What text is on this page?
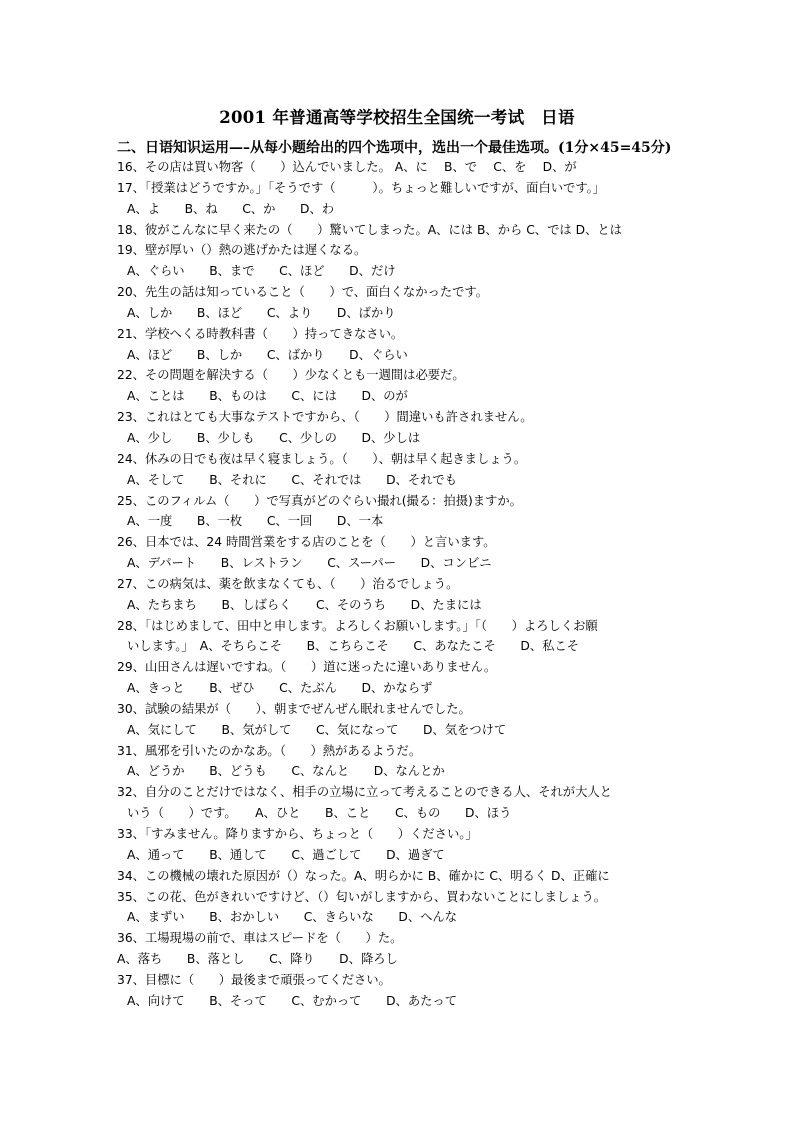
2001 年普通高等学校招生全国统一考试　日语
二、日语知识运用—–从每小题给出的四个选项中，选出一个最佳选项。(1分×45=45分)
16、その店は買い物客（　　）込んでいました。 A、に　 B、で　 C、を　 D、が
17、「授業はどうですか。」「そうです（　　　）。ちょっと難しいですが、面白いです。」
A、よ　　B、ね　　C、か　　D、わ
18、彼がこんなに早く来たの（　　）驚いてしまった。A、には B、から C、では D、とは
19、壁が厚い（）熱の逃げかたは遅くなる。
A、ぐらい　　B、まで　　C、ほど　　D、だけ
20、先生の話は知っていること（　　）で、面白くなかったです。
A、しか　　B、ほど　　C、より　　D、ばかり
21、学校へくる時教科書（　　）持ってきなさい。
A、ほど　　B、しか　　C、ばかり　　D、ぐらい
22、その問題を解決する（　　）少なくとも一週間は必要だ。
A、ことは　　B、ものは　　C、には　　D、のが
23、これはとても大事なテストですから、（　　）間違いも許されません。
A、少し　　B、少しも　　C、少しの　　D、少しは
24、休みの日でも夜は早く寝ましょう。（　　）、朝は早く起きましょう。
A、そして　　B、それに　　C、それでは　　D、それでも
25、このフィルム（　　）で写真がどのぐらい撮れ(撮る：拍摄)ますか。
A、一度　　B、一枚　　C、一回　　D、一本
26、日本では、24 時間営業をする店のことを（　　）と言います。
A、デパート　　B、レストラン　　C、スーパー　　D、コンビニ
27、この病気は、薬を飲まなくても、（　　）治るでしょう。
A、たちまち　　B、しばらく　　C、そのうち　　D、たまには
28、「はじめまして、田中と申します。よろしくお願いします。」「（　　）よろしくお願
いします。」　A、そちらこそ　　B、こちらこそ　　C、あなたこそ　　D、私こそ
29、山田さんは遅いですね。（　　）道に迷ったに違いありません。
A、きっと　　B、ぜひ　　C、たぶん　　D、かならず
30、試験の結果が（　　）、朝までぜんぜん眠れませんでした。
A、気にして　　B、気がして　　C、気になって　　D、気をつけて
31、風邪を引いたのかなあ。（　　）熱があるようだ。
A、どうか　　B、どうも　　C、なんと　　D、なんとか
32、自分のことだけではなく、相手の立場に立って考えることのできる人、それが大人と
いう（　　）です。　　A、ひと　　B、こと　　C、もの　　D、ほう
33、「すみません。降りますから、ちょっと（　　）ください。」
A、通って　　B、通して　　C、過ごして　　D、過ぎて
34、この機械の壊れた原因が（）なった。A、明らかに B、確かに C、明るく D、正確に
35、この花、色がきれいですけど、（）匂いがしますから、買わないことにしましょう。
A、まずい　　B、おかしい　　C、きらいな　　D、へんな
36、工場現場の前で、車はスピードを（　　）た。
A、落ち　　B、落とし　　C、降り　　D、降ろし
37、目標に（　　）最後まで頑張ってください。
A、向けて　　B、そって　　C、むかって　　D、あたって
